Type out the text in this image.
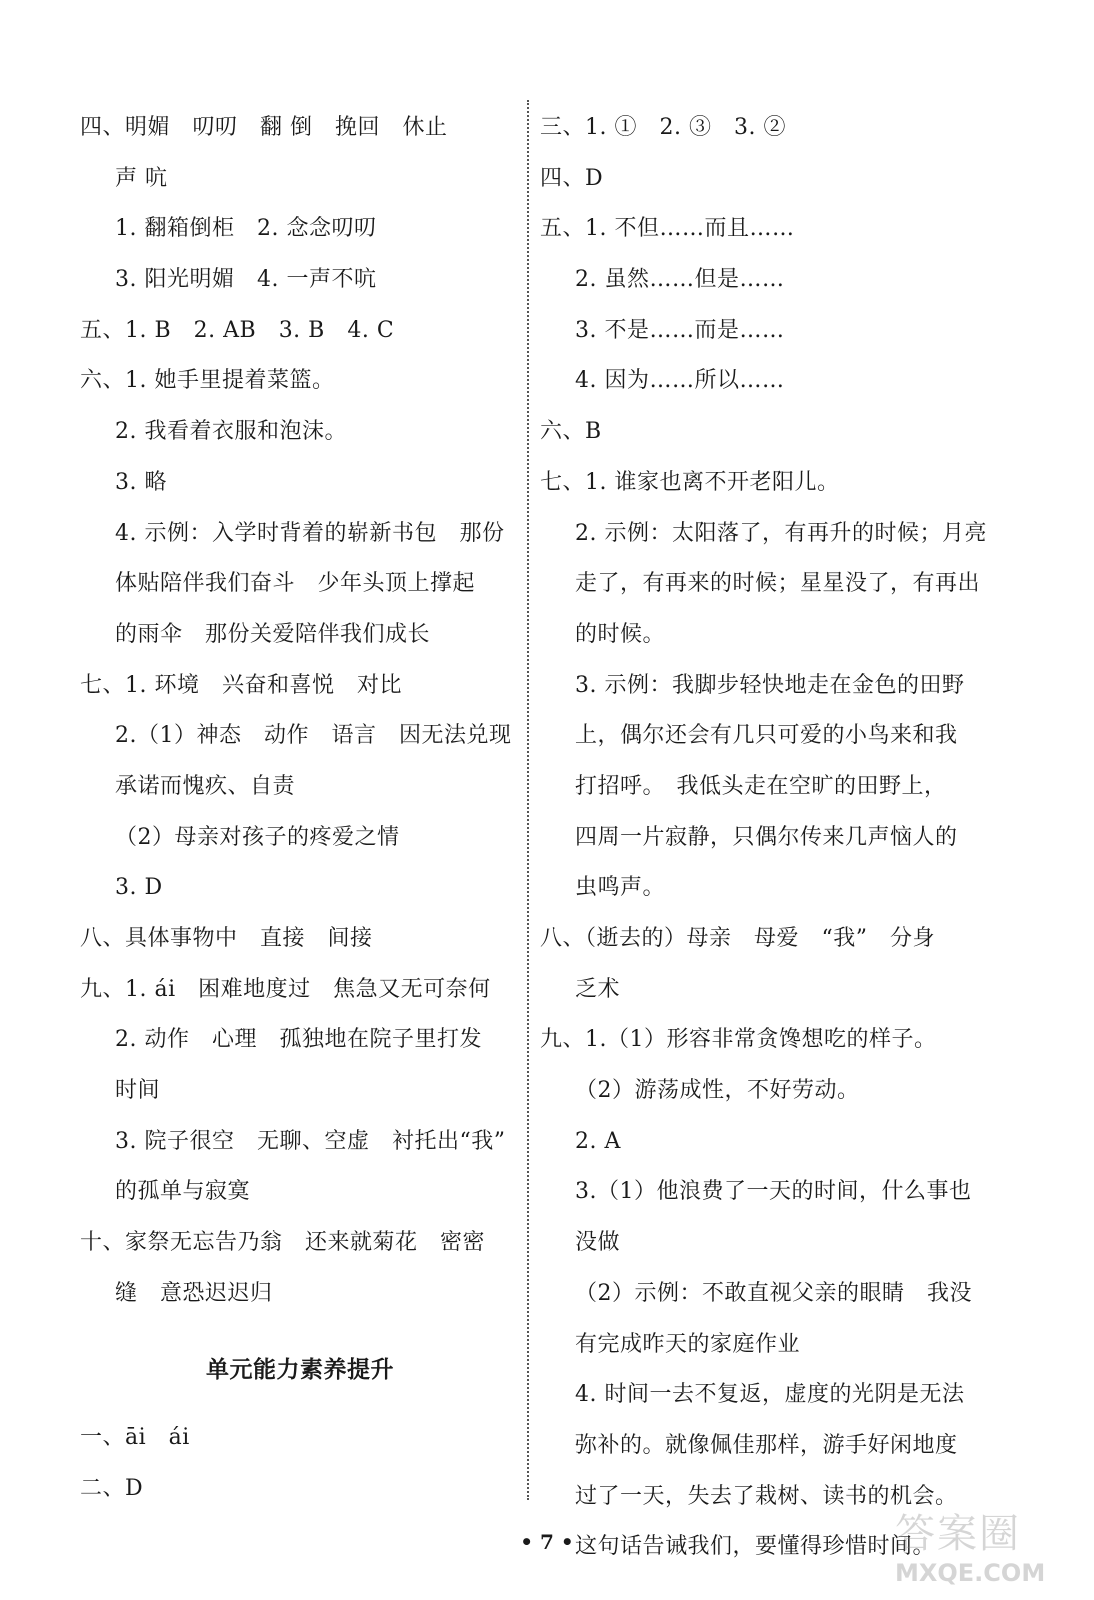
四、明媚　叨叨　翻 倒　挽回　休止
声 吭
1. 翻箱倒柜　2. 念念叨叨
3. 阳光明媚　4. 一声不吭
五、1. B　2. AB　3. B　4. C
六、1. 她手里提着菜篮。
2. 我看着衣服和泡沫。
3. 略
4. 示例：入学时背着的崭新书包　那份
体贴陪伴我们奋斗　少年头顶上撑起
的雨伞　那份关爱陪伴我们成长
七、1. 环境　兴奋和喜悦　对比
2.（1）神态　动作　语言　因无法兑现
承诺而愧疚、自责
（2）母亲对孩子的疼爱之情
3. D
八、具体事物中　直接　间接
九、1. ái　困难地度过　焦急又无可奈何
2. 动作　心理　孤独地在院子里打发
时间
3. 院子很空　无聊、空虚　衬托出“我”
的孤单与寂寞
十、家祭无忘告乃翁　还来就菊花　密密
缝　意恐迟迟归
单元能力素养提升
一、āi　ái
二、D
三、1. ①　2. ③　3. ②
四、D
五、1. 不但……而且……
2. 虽然……但是……
3. 不是……而是……
4. 因为……所以……
六、B
七、1. 谁家也离不开老阳儿。
2. 示例：太阳落了，有再升的时候；月亮
走了，有再来的时候；星星没了，有再出
的时候。
3. 示例：我脚步轻快地走在金色的田野
上，偶尔还会有几只可爱的小鸟来和我
打招呼。　我低头走在空旷的田野上，
四周一片寂静，只偶尔传来几声恼人的
虫鸣声。
八、（逝去的）母亲　母爱　“我”　分身
乏术
九、1.（1）形容非常贪馋想吃的样子。
（2）游荡成性，不好劳动。
2. A
3.（1）他浪费了一天的时间，什么事也
没做
（2）示例：不敢直视父亲的眼睛　我没
有完成昨天的家庭作业
4. 时间一去不复返，虚度的光阴是无法
弥补的。就像佩佳那样，游手好闲地度
过了一天，失去了栽树、读书的机会。
这句话告诫我们，要懂得珍惜时间。
• 7 •	答案圈
MXQE.COM
